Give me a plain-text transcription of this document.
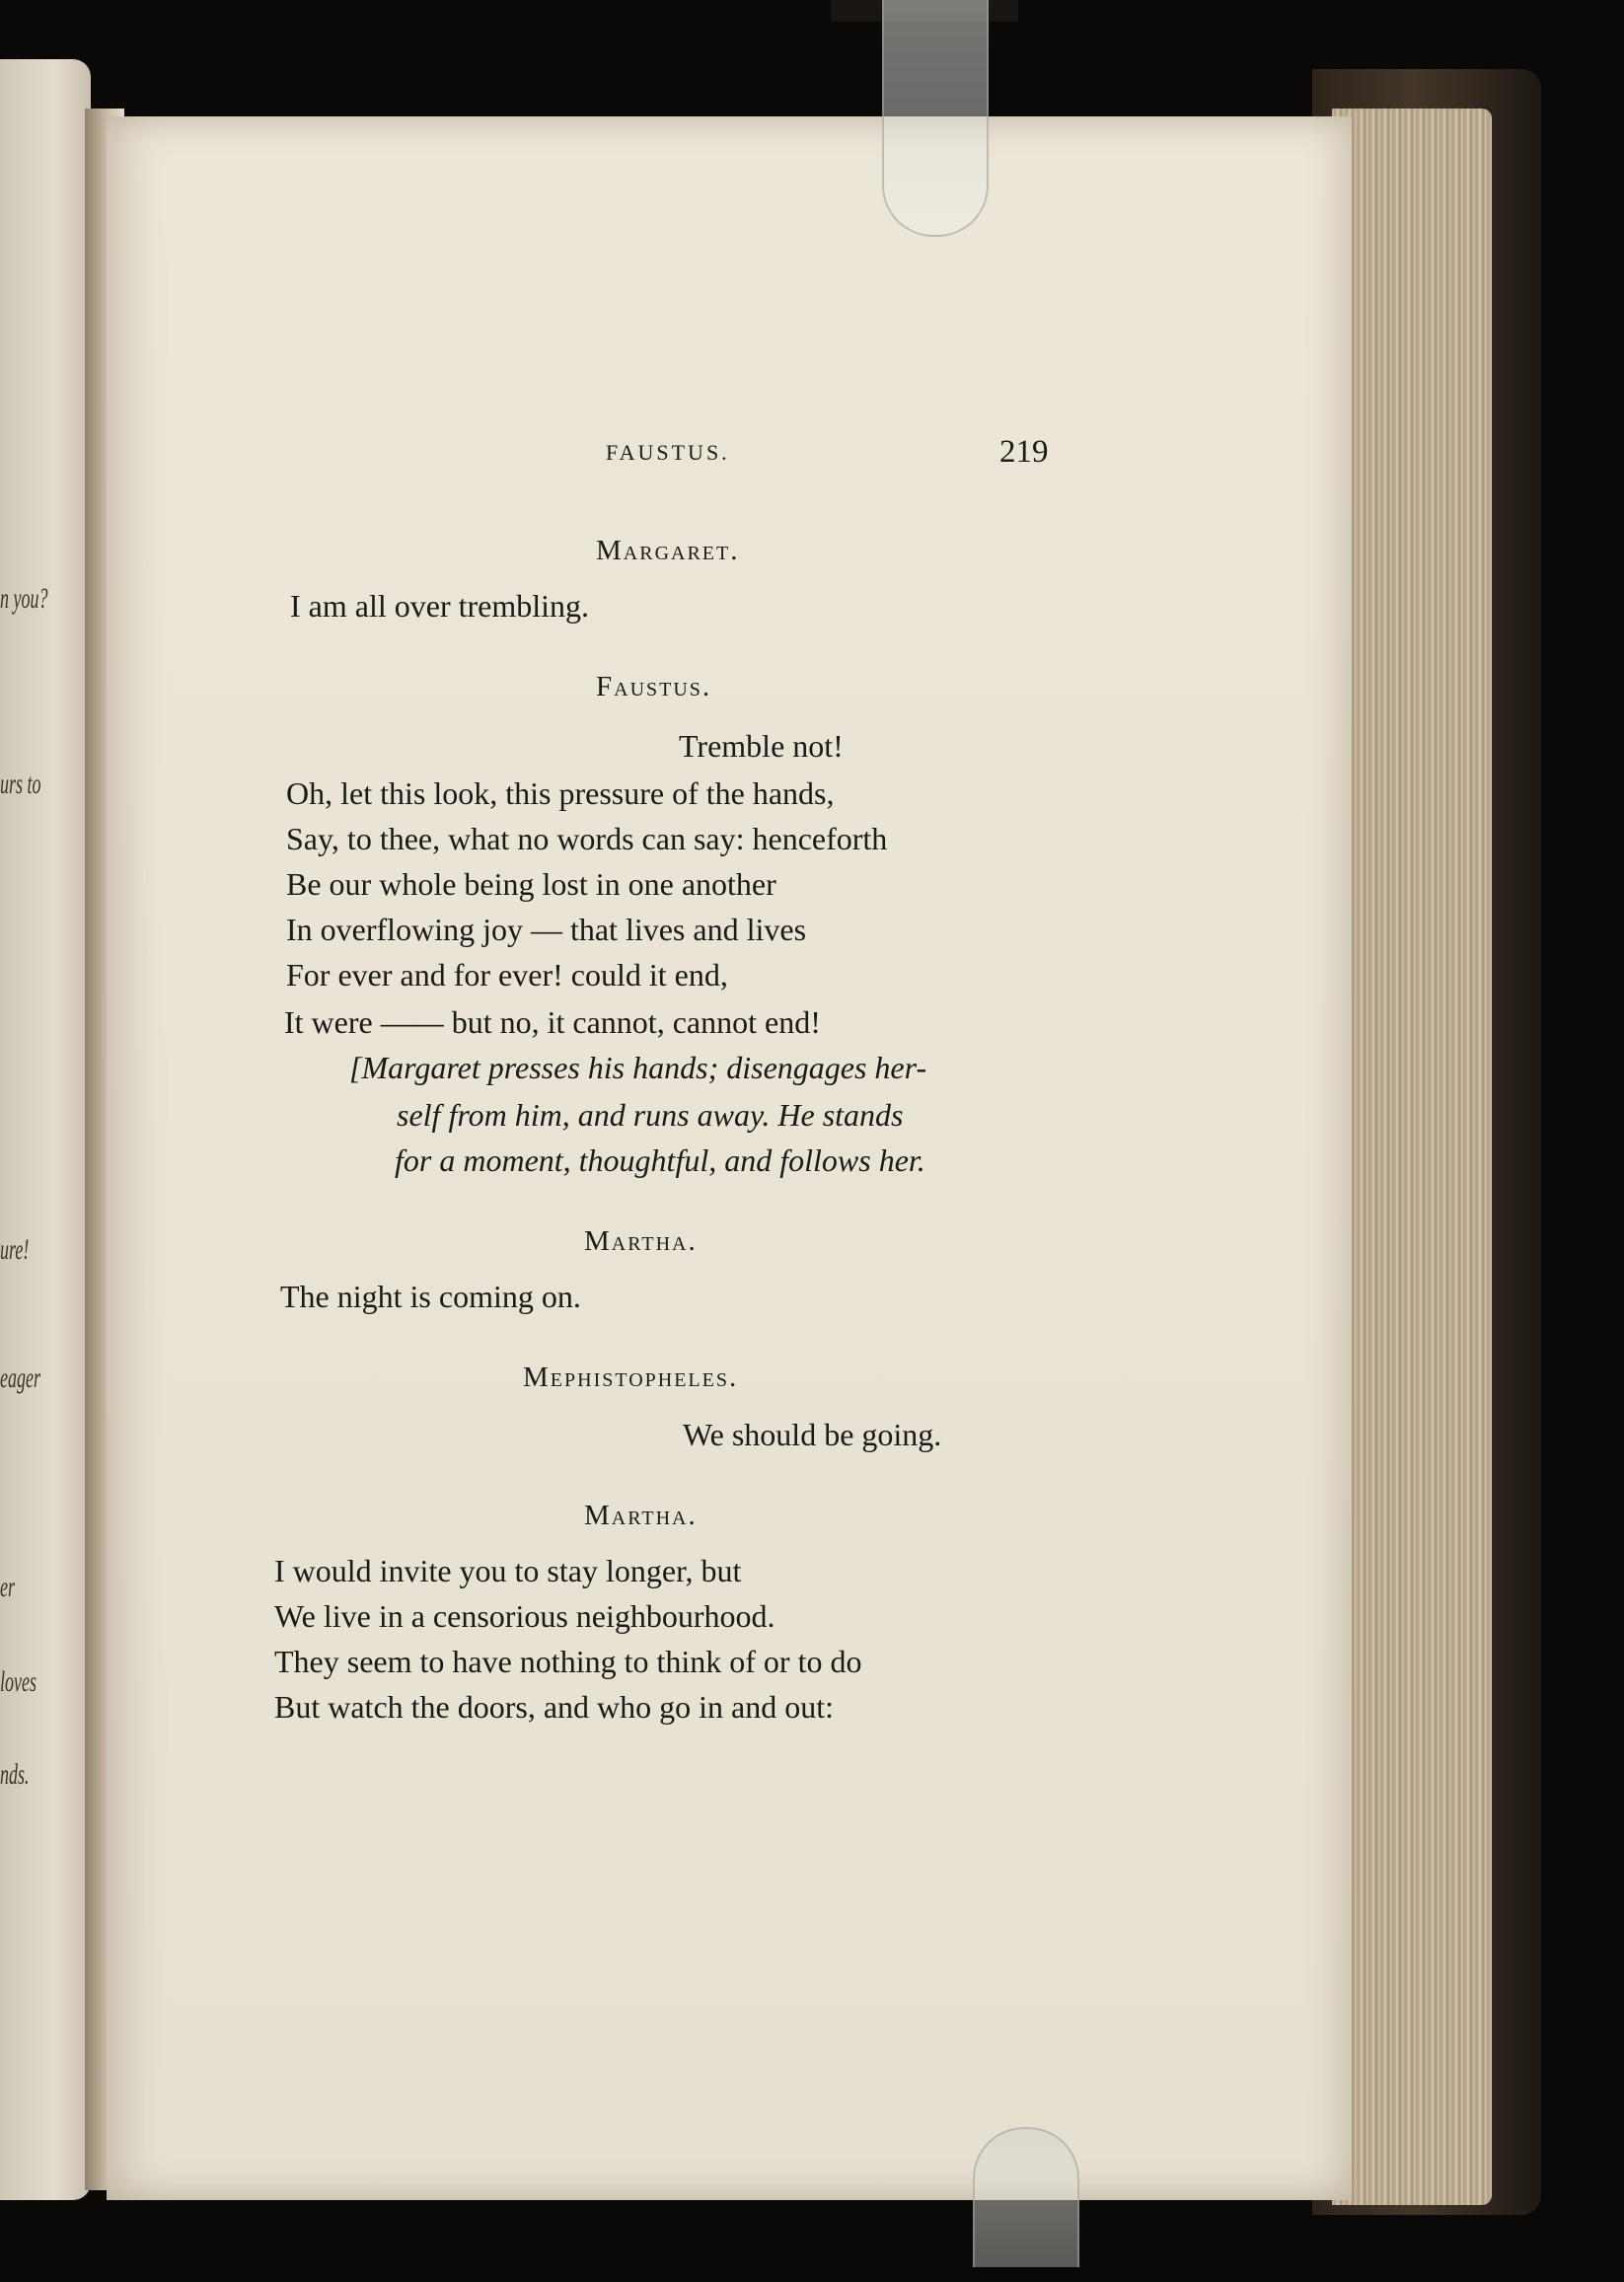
n you?
urs to
ure!
eager
er
loves
nds.
FAUSTUS.	219
Margaret.
I am all over trembling.
Faustus.
Tremble not!
Oh, let this look, this pressure of the hands,
Say, to thee, what no words can say: henceforth
Be our whole being lost in one another
In overflowing joy — that lives and lives
For ever and for ever! could it end,
It were —— but no, it cannot, cannot end!
[Margaret presses his hands; disengages her-
self from him, and runs away. He stands
for a moment, thoughtful, and follows her.
Martha.
The night is coming on.
Mephistopheles.
We should be going.
Martha.
I would invite you to stay longer, but
We live in a censorious neighbourhood.
They seem to have nothing to think of or to do
But watch the doors, and who go in and out:
